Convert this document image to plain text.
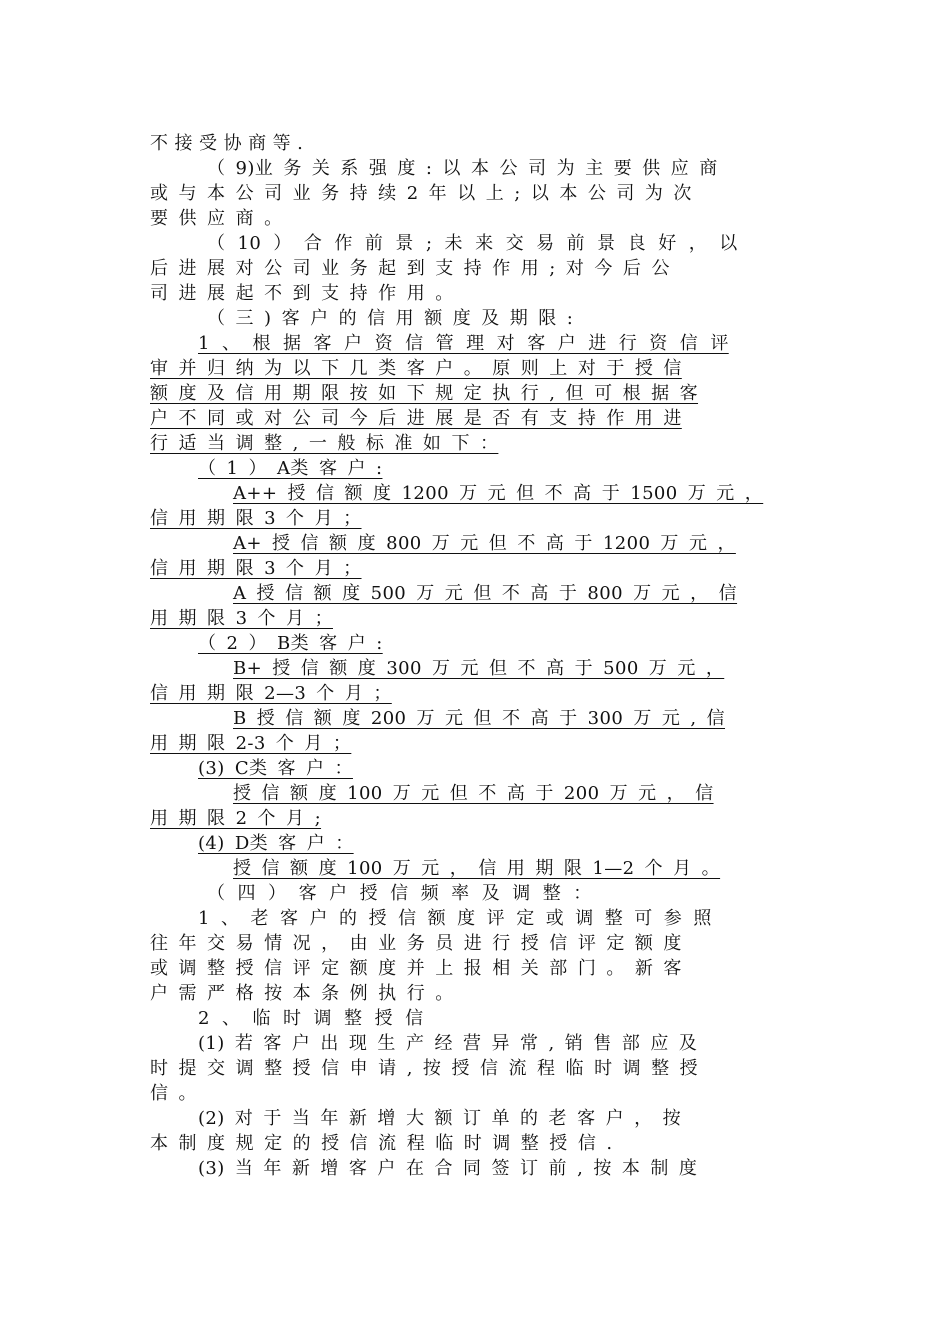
不 接 受 协 商 等 .
（ 9)业 务 关 系 强 度 : 以 本 公 司 为 主 要 供 应 商
或 与 本 公 司 业 务 持 续 2 年 以 上 ; 以 本 公 司 为 次
要 供 应 商 。
（ 10 ） 合 作 前 景 ; 未 来 交 易 前 景 良 好 ， 以
后 进 展 对 公 司 业 务 起 到 支 持 作 用 ; 对 今 后 公
司 进 展 起 不 到 支 持 作 用 。
（ 三 ) 客 户 的 信 用 额 度 及 期 限 :
1 、 根 据 客 户 资 信 管 理 对 客 户 进 行 资 信 评
审 并 归 纳 为 以 下 几 类 客 户 。 原 则 上 对 于 授 信
额 度 及 信 用 期 限 按 如 下 规 定 执 行 , 但 可 根 据 客
户 不 同 或 对 公 司 今 后 进 展 是 否 有 支 持 作 用 进
行 适 当 调 整 , 一 般 标 准 如 下 ：
（ 1 ） A类 客 户 :
A++ 授 信 额 度 1200 万 元 但 不 高 于 1500 万 元 ，
信 用 期 限 3 个 月 ；
A+ 授 信 额 度 800 万 元 但 不 高 于 1200 万 元 ，
信 用 期 限 3 个 月 ；
A 授 信 额 度 500 万 元 但 不 高 于 800 万 元 ， 信
用 期 限 3 个 月 ；
（ 2 ） B类 客 户 :
B+ 授 信 额 度 300 万 元 但 不 高 于 500 万 元 ，
信 用 期 限 2—3 个 月 ；
B 授 信 额 度 200 万 元 但 不 高 于 300 万 元 , 信
用 期 限 2-3 个 月 ；
(3) C类 客 户 ：
授 信 额 度 100 万 元 但 不 高 于 200 万 元 ， 信
用 期 限 2 个 月 ;
(4) D类 客 户 ：
授 信 额 度 100 万 元 ， 信 用 期 限 1—2 个 月 。
（ 四 ） 客 户 授 信 频 率 及 调 整 ：
1 、 老 客 户 的 授 信 额 度 评 定 或 调 整 可 参 照
往 年 交 易 情 况 ， 由 业 务 员 进 行 授 信 评 定 额 度
或 调 整 授 信 评 定 额 度 并 上 报 相 关 部 门 。 新 客
户 需 严 格 按 本 条 例 执 行 。
2 、 临 时 调 整 授 信
(1) 若 客 户 出 现 生 产 经 营 异 常 , 销 售 部 应 及
时 提 交 调 整 授 信 申 请 , 按 授 信 流 程 临 时 调 整 授
信 。
(2) 对 于 当 年 新 增 大 额 订 单 的 老 客 户 ， 按
本 制 度 规 定 的 授 信 流 程 临 时 调 整 授 信 .
(3) 当 年 新 增 客 户 在 合 同 签 订 前 , 按 本 制 度
